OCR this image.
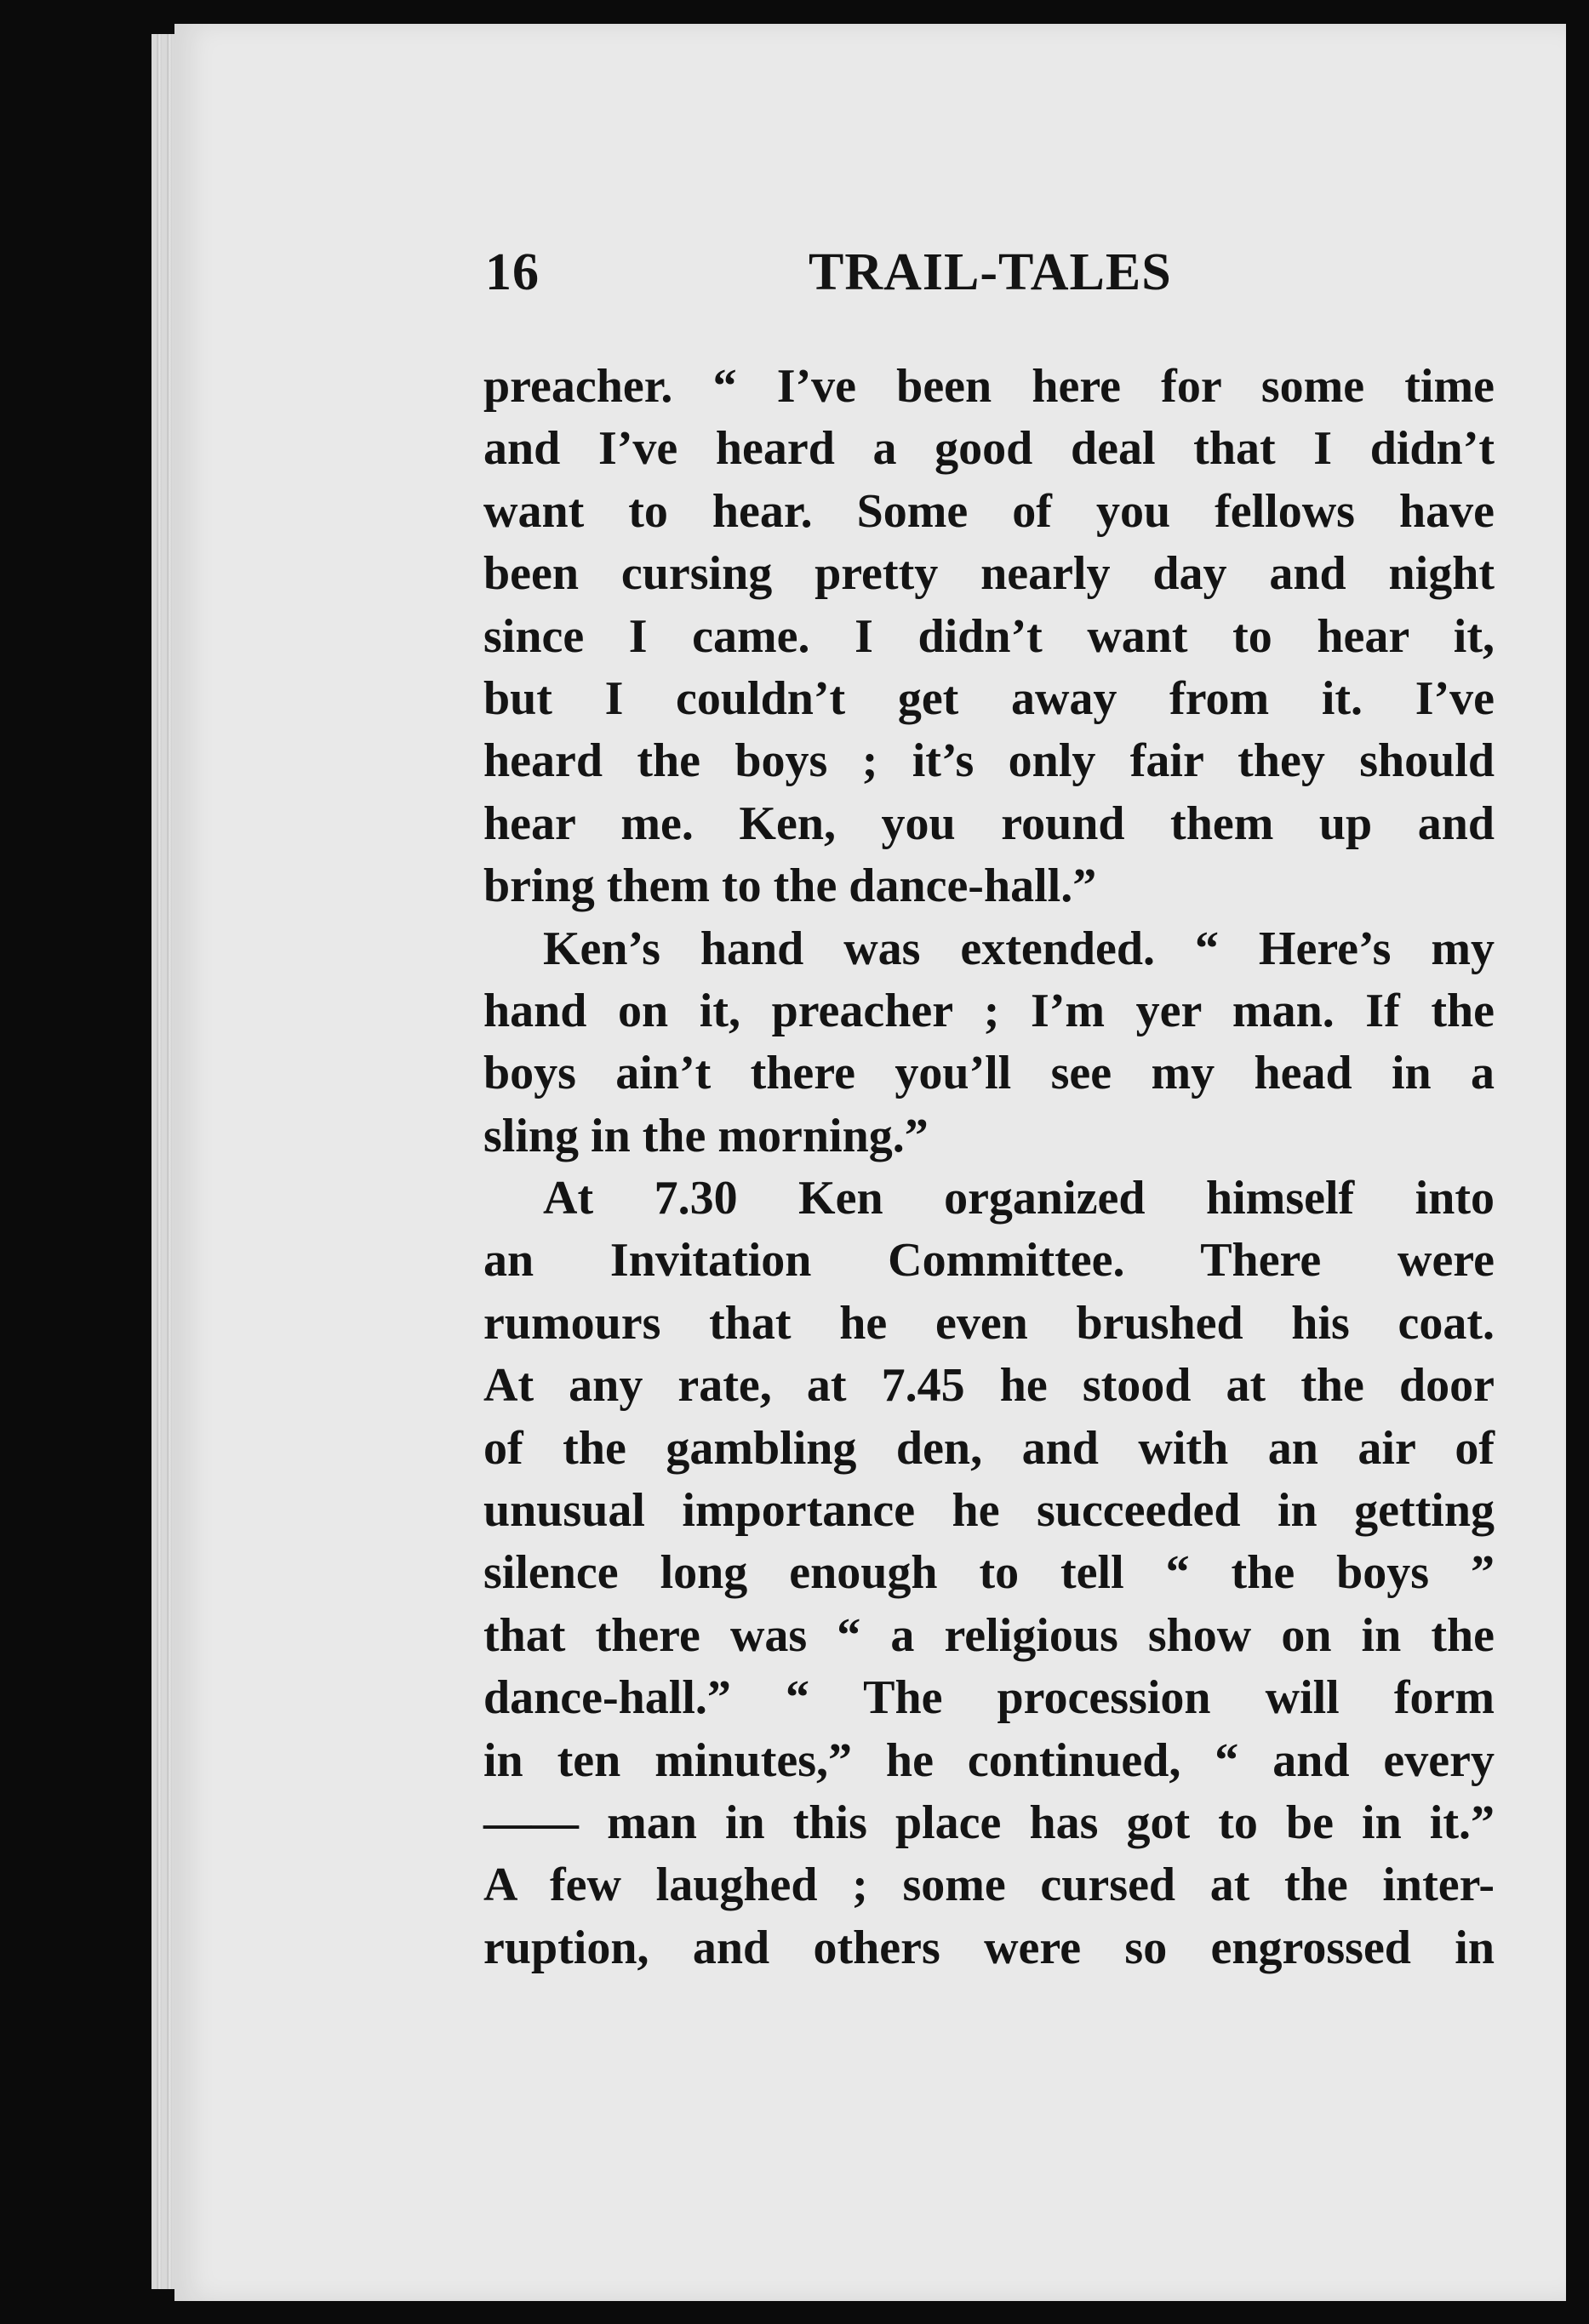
16	TRAIL-TALES
preacher. “ I’ve been here for some time
and I’ve heard a good deal that I didn’t
want to hear. Some of you fellows have
been cursing pretty nearly day and night
since I came. I didn’t want to hear it,
but I couldn’t get away from it. I’ve
heard the boys ; it’s only fair they should
hear me. Ken, you round them up and
bring them to the dance-hall.”
Ken’s hand was extended. “ Here’s my
hand on it, preacher ; I’m yer man. If the
boys ain’t there you’ll see my head in a
sling in the morning.”
At 7.30 Ken organized himself into
an Invitation Committee. There were
rumours that he even brushed his coat.
At any rate, at 7.45 he stood at the door
of the gambling den, and with an air of
unusual importance he succeeded in getting
silence long enough to tell “ the boys ”
that there was “ a religious show on in the
dance-hall.” “ The procession will form
in ten minutes,” he continued, “ and every
—— man in this place has got to be in it.”
A few laughed ; some cursed at the inter-
ruption, and others were so engrossed in
